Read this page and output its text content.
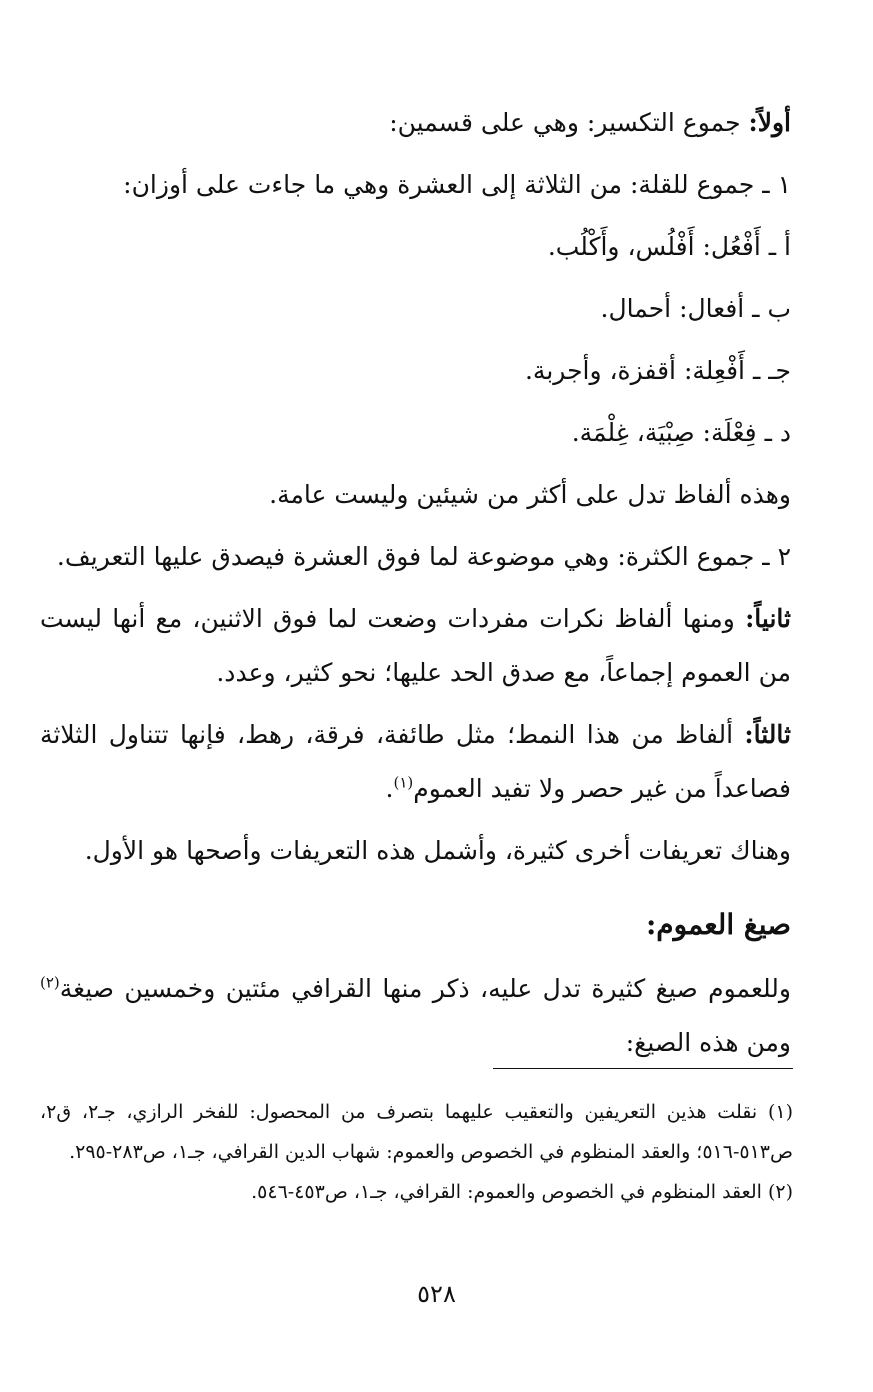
أولاً: جموع التكسير: وهي على قسمين:

١ ـ جموع للقلة: من الثلاثة إلى العشرة وهي ما جاءت على أوزان:

أ ـ أَفْعُل: أَفْلُس، وأَكْلُب.

ب ـ أفعال: أحمال.

جـ ـ أَفْعِلة: أقفزة، وأجربة.

د ـ فِعْلَة: صِبْيَة، غِلْمَة.

وهذه ألفاظ تدل على أكثر من شيئين وليست عامة.

٢ ـ جموع الكثرة: وهي موضوعة لما فوق العشرة فيصدق عليها التعريف.

ثانياً: ومنها ألفاظ نكرات مفردات وضعت لما فوق الاثنين، مع أنها ليست من العموم إجماعاً، مع صدق الحد عليها؛ نحو كثير، وعدد.

ثالثاً: ألفاظ من هذا النمط؛ مثل طائفة، فرقة، رهط، فإنها تتناول الثلاثة فصاعداً من غير حصر ولا تفيد العموم$^{(١)}$.

وهناك تعريفات أخرى كثيرة، وأشمل هذه التعريفات وأصحها هو الأول.

صيغ العموم:

وللعموم صيغ كثيرة تدل عليه، ذكر منها القرافي مئتين وخمسين صيغة$^{(٢)}$ ومن هذه الصيغ:

(١) نقلت هذين التعريفين والتعقيب عليهما بتصرف من المحصول: للفخر الرازي، جـ٢، ق٢، ص٥١٣-٥١٦؛ والعقد المنظوم في الخصوص والعموم: شهاب الدين القرافي، جـ١، ص٢٨٣-٢٩٥.

(٢) العقد المنظوم في الخصوص والعموم: القرافي، جـ١، ص٤٥٣-٥٤٦.

٥٢٨
